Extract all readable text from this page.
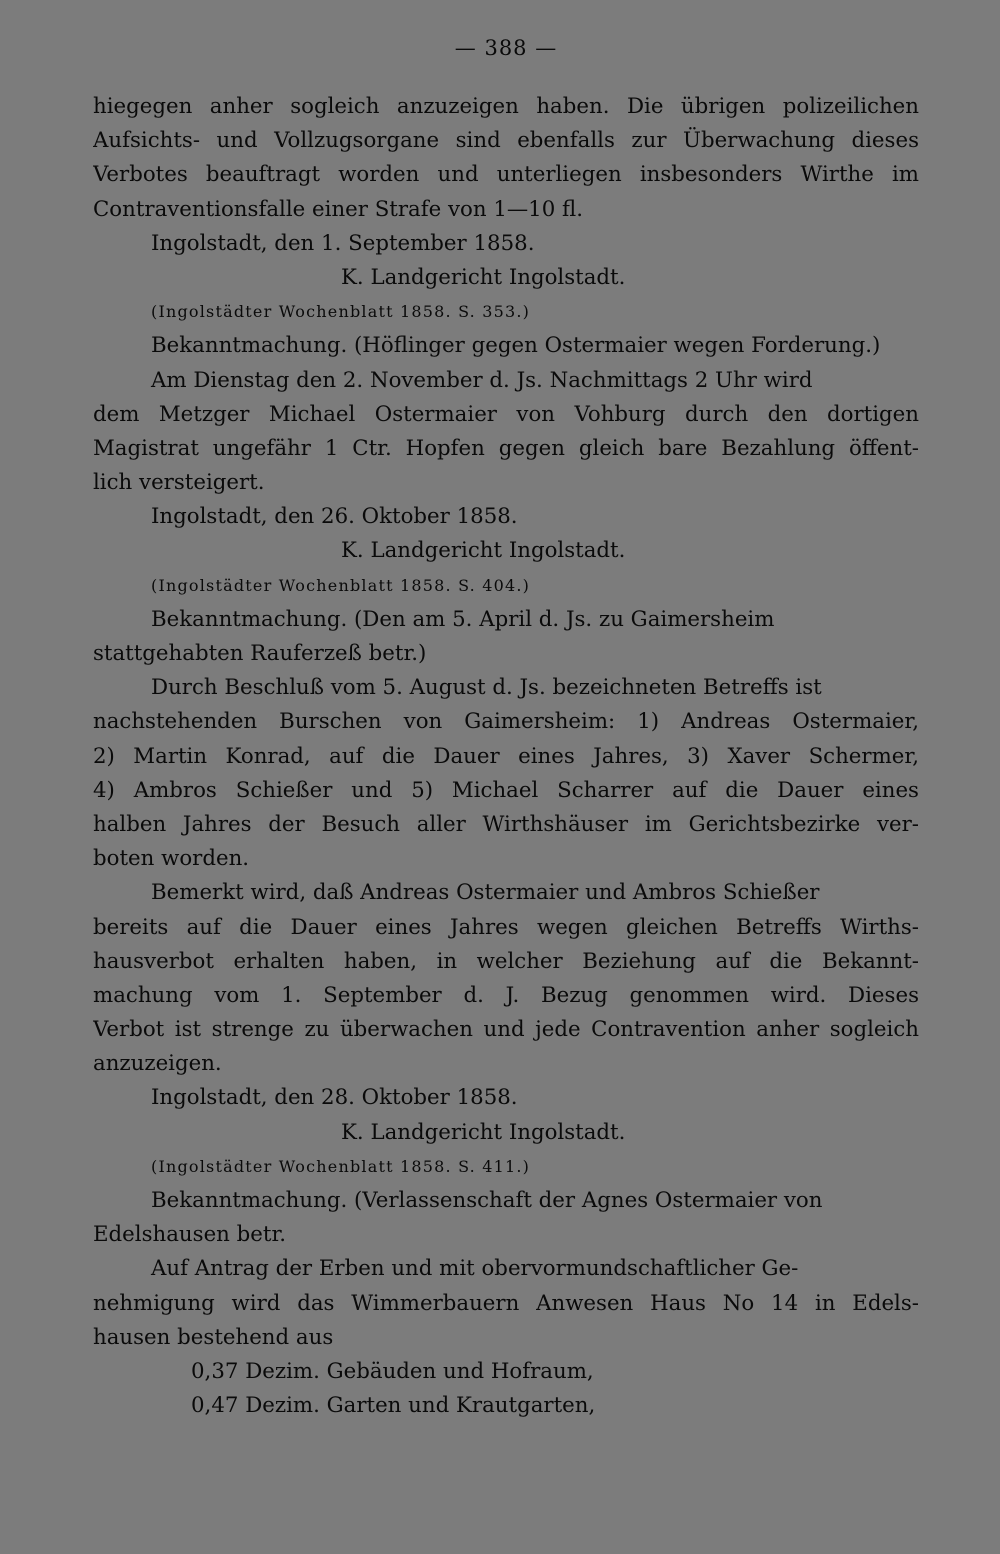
— 388 —
hiegegen anher sogleich anzuzeigen haben. Die übrigen polizeilichen
Aufsichts- und Vollzugsorgane sind ebenfalls zur Überwachung dieses
Verbotes beauftragt worden und unterliegen insbesonders Wirthe im
Contraventionsfalle einer Strafe von 1—10 fl.
Ingolstadt, den 1. September 1858.
K. Landgericht Ingolstadt.
(Ingolstädter Wochenblatt 1858. S. 353.)
Bekanntmachung. (Höflinger gegen Ostermaier wegen Forderung.)
Am Dienstag den 2. November d. Js. Nachmittags 2 Uhr wird
dem Metzger Michael Ostermaier von Vohburg durch den dortigen
Magistrat ungefähr 1 Ctr. Hopfen gegen gleich bare Bezahlung öffent-
lich versteigert.
Ingolstadt, den 26. Oktober 1858.
K. Landgericht Ingolstadt.
(Ingolstädter Wochenblatt 1858. S. 404.)
Bekanntmachung. (Den am 5. April d. Js. zu Gaimersheim
stattgehabten Rauferzeß betr.)
Durch Beschluß vom 5. August d. Js. bezeichneten Betreffs ist
nachstehenden Burschen von Gaimersheim: 1) Andreas Ostermaier,
2) Martin Konrad, auf die Dauer eines Jahres, 3) Xaver Schermer,
4) Ambros Schießer und 5) Michael Scharrer auf die Dauer eines
halben Jahres der Besuch aller Wirthshäuser im Gerichtsbezirke ver-
boten worden.
Bemerkt wird, daß Andreas Ostermaier und Ambros Schießer
bereits auf die Dauer eines Jahres wegen gleichen Betreffs Wirths-
hausverbot erhalten haben, in welcher Beziehung auf die Bekannt-
machung vom 1. September d. J. Bezug genommen wird. Dieses
Verbot ist strenge zu überwachen und jede Contravention anher sogleich
anzuzeigen.
Ingolstadt, den 28. Oktober 1858.
K. Landgericht Ingolstadt.
(Ingolstädter Wochenblatt 1858. S. 411.)
Bekanntmachung. (Verlassenschaft der Agnes Ostermaier von
Edelshausen betr.
Auf Antrag der Erben und mit obervormundschaftlicher Ge-
nehmigung wird das Wimmerbauern Anwesen Haus No 14 in Edels-
hausen bestehend aus
0,37 Dezim. Gebäuden und Hofraum,
0,47 Dezim. Garten und Krautgarten,
